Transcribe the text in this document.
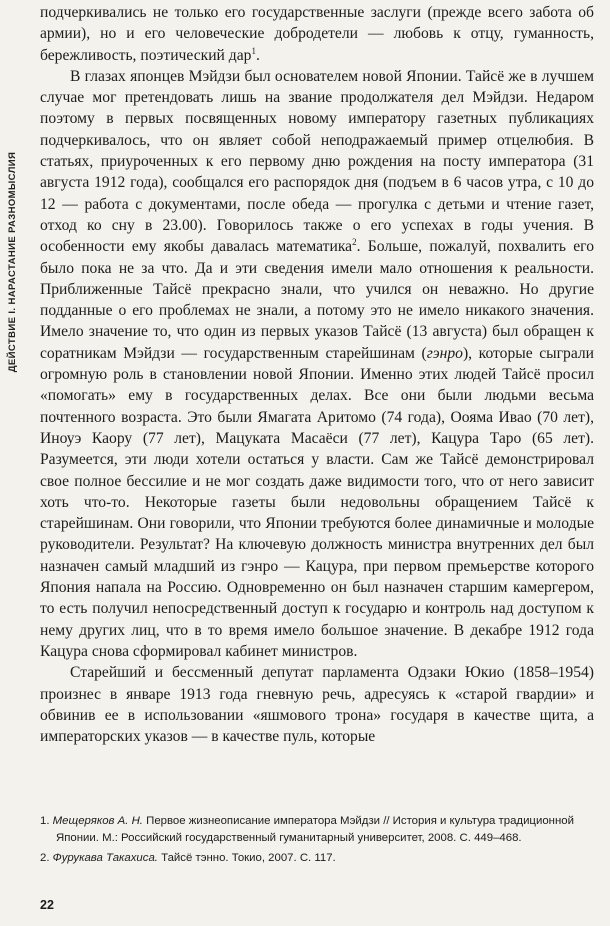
ДЕЙСТВИЕ I. НАРАСТАНИЕ РАЗНОМЫСЛИЯ

подчеркивались не только его государственные заслуги (прежде всего забота об армии), но и его человеческие добродетели — любовь к отцу, гуманность, бережливость, поэтический дар$^1$.

В глазах японцев Мэйдзи был основателем новой Японии. Тайсё же в лучшем случае мог претендовать лишь на звание продолжателя дел Мэйдзи. Недаром поэтому в первых посвященных новому императору газетных публикациях подчеркивалось, что он являет собой неподражаемый пример отцелюбия. В статьях, приуроченных к его первому дню рождения на посту императора (31 августа 1912 года), сообщался его распорядок дня (подъем в 6 часов утра, с 10 до 12 — работа с документами, после обеда — прогулка с детьми и чтение газет, отход ко сну в 23.00). Говорилось также о его успехах в годы учения. В особенности ему якобы давалась математика$^2$. Больше, пожалуй, похвалить его было пока не за что. Да и эти сведения имели мало отношения к реальности. Приближенные Тайсё прекрасно знали, что учился он неважно. Но другие подданные о его проблемах не знали, а потому это не имело никакого значения. Имело значение то, что один из первых указов Тайсё (13 августа) был обращен к соратникам Мэйдзи — государственным старейшинам (гэнро), которые сыграли огромную роль в становлении новой Японии. Именно этих людей Тайсё просил «помогать» ему в государственных делах. Все они были людьми весьма почтенного возраста. Это были Ямагата Аритомо (74 года), Оояма Ивао (70 лет), Иноуэ Каору (77 лет), Мацуката Масаёси (77 лет), Кацура Таро (65 лет). Разумеется, эти люди хотели остаться у власти. Сам же Тайсё демонстрировал свое полное бессилие и не мог создать даже видимости того, что от него зависит хоть что-то. Некоторые газеты были недовольны обращением Тайсё к старейшинам. Они говорили, что Японии требуются более динамичные и молодые руководители. Результат? На ключевую должность министра внутренних дел был назначен самый младший из гэнро — Кацура, при первом премьерстве которого Япония напала на Россию. Одновременно он был назначен старшим камергером, то есть получил непосредственный доступ к государю и контроль над доступом к нему других лиц, что в то время имело большое значение. В декабре 1912 года Кацура снова сформировал кабинет министров.

Старейший и бессменный депутат парламента Одзаки Юкио (1858–1954) произнес в январе 1913 года гневную речь, адресуясь к «старой гвардии» и обвинив ее в использовании «яшмового трона» государя в качестве щита, а императорских указов — в качестве пуль, которые

1. Мещеряков А. Н. Первое жизнеописание императора Мэйдзи // История и культура традиционной Японии. М.: Российский государственный гуманитарный университет, 2008. С. 449–468.
2. Фурукава Такахиса. Тайсё тэнно. Токио, 2007. С. 117.
22
